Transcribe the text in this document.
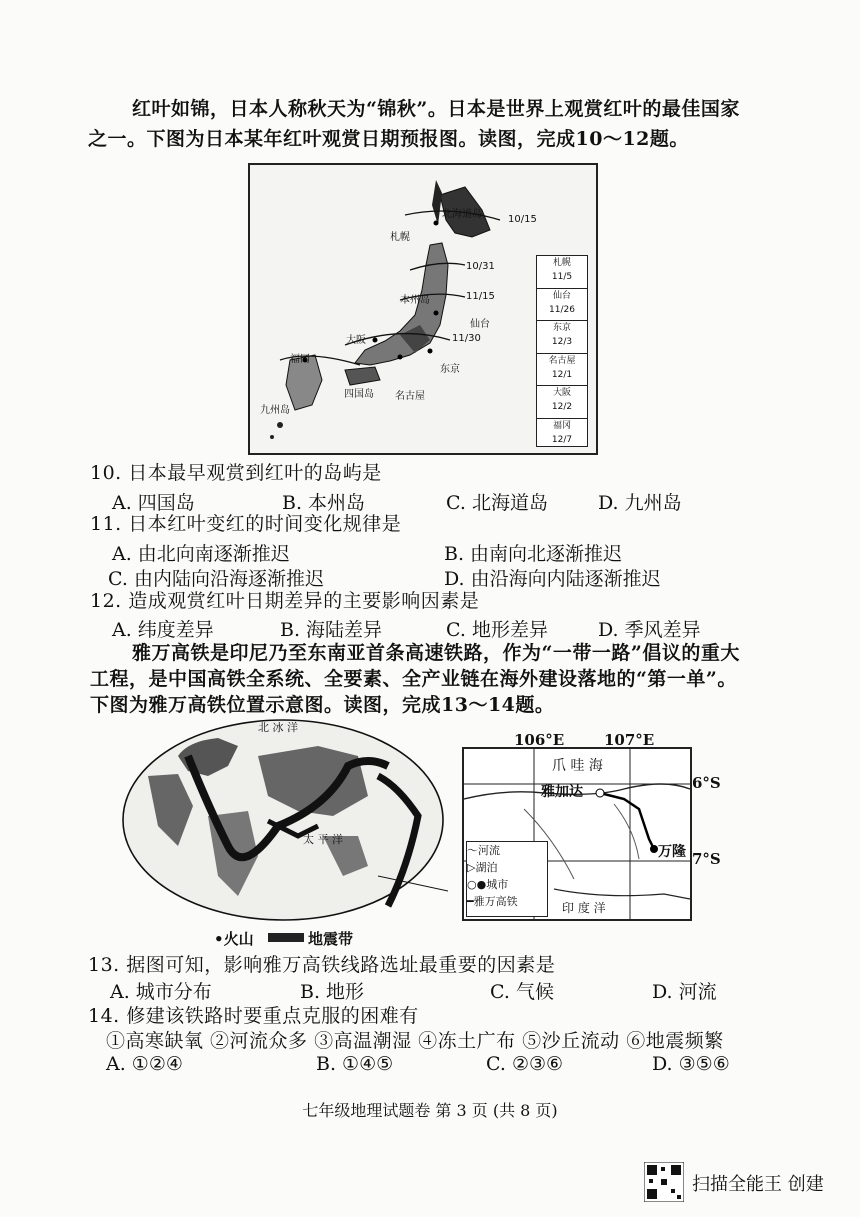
红叶如锦，日本人称秋天为“锦秋”。日本是世界上观赏红叶的最佳国家
之一。下图为日本某年红叶观赏日期预报图。读图，完成10～12题。
北海道岛
札幌
10/15
10/31
本州岛	11/15
仙台
大阪	11/30
福冈
东京
四国岛 名古屋
九州岛
札幌
11/5
仙台
11/26
东京
12/3
名古屋
12/1
大阪
12/2
福冈
12/7
10. 日本最早观赏到红叶的岛屿是
A. 四国岛	B. 本州岛	C. 北海道岛	D. 九州岛
11. 日本红叶变红的时间变化规律是
A. 由北向南逐渐推迟	B. 由南向北逐渐推迟
C. 由内陆向沿海逐渐推迟	D. 由沿海向内陆逐渐推迟
12. 造成观赏红叶日期差异的主要影响因素是
A. 纬度差异	B. 海陆差异	C. 地形差异	D. 季风差异
雅万高铁是印尼乃至东南亚首条高速铁路，作为“一带一路”倡议的重大
工程，是中国高铁全系统、全要素、全产业链在海外建设落地的“第一单”。
下图为雅万高铁位置示意图。读图，完成13～14题。
北 冰 洋
太 平 洋
•火山	地震带
爪 哇 海
雅加达
万隆
印 度 洋
～河流
▷湖泊
○●城市
━雅万高铁
106°E	107°E
6°S
7°S
13. 据图可知，影响雅万高铁线路选址最重要的因素是
A. 城市分布	B. 地形	C. 气候	D. 河流
14. 修建该铁路时要重点克服的困难有
①高寒缺氧 ②河流众多 ③高温潮湿 ④冻土广布 ⑤沙丘流动 ⑥地震频繁
A. ①②④	B. ①④⑤	C. ②③⑥	D. ③⑤⑥
七年级地理试题卷 第 3 页 (共 8 页)
扫描全能王 创建
